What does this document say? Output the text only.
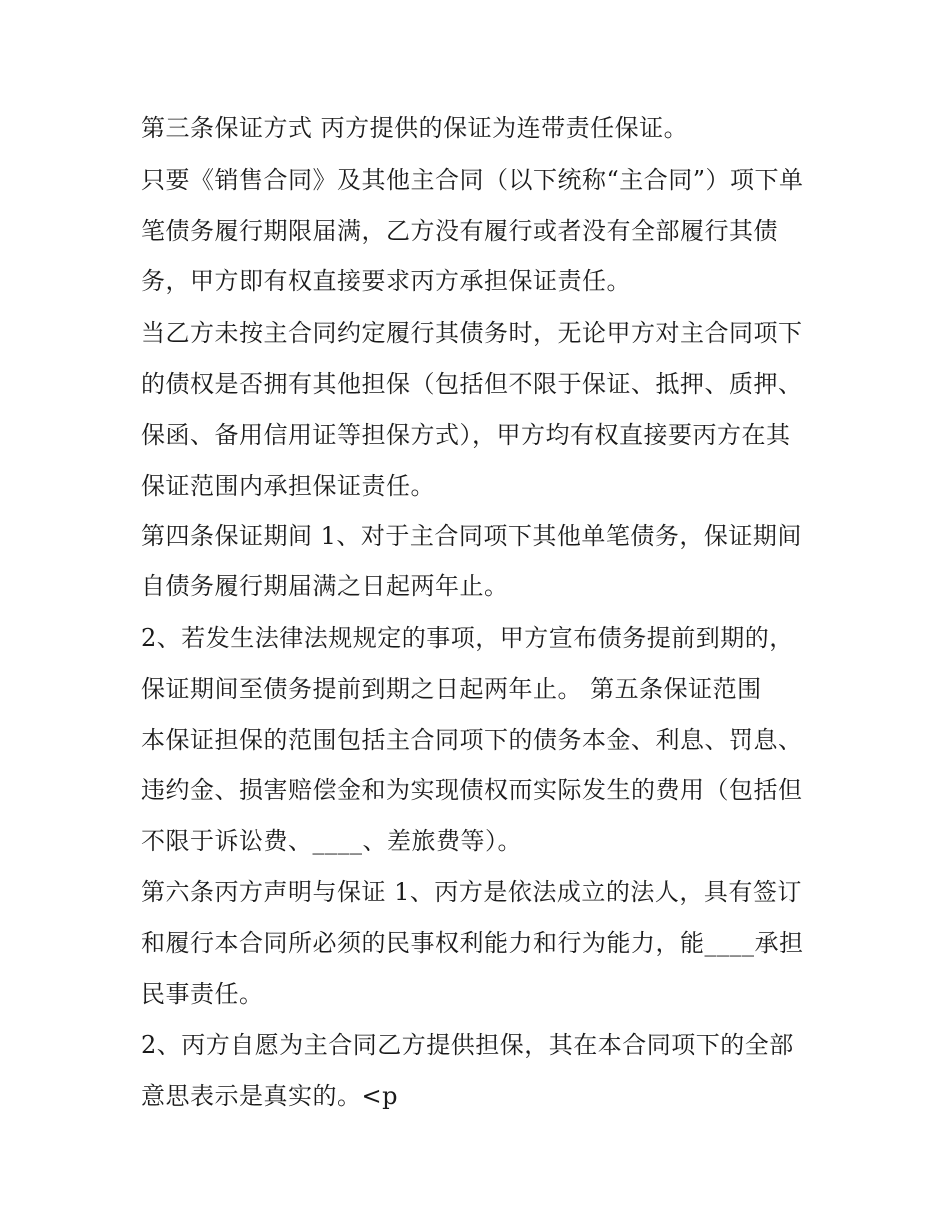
第三条保证方式 丙方提供的保证为连带责任保证。

只要《销售合同》及其他主合同（以下统称“主合同”）项下单

笔债务履行期限届满，乙方没有履行或者没有全部履行其债

务，甲方即有权直接要求丙方承担保证责任。

当乙方未按主合同约定履行其债务时，无论甲方对主合同项下

的债权是否拥有其他担保（包括但不限于保证、抵押、质押、

保函、备用信用证等担保方式），甲方均有权直接要丙方在其

保证范围内承担保证责任。

第四条保证期间 1、对于主合同项下其他单笔债务，保证期间

自债务履行期届满之日起两年止。

2、若发生法律法规规定的事项，甲方宣布债务提前到期的，

保证期间至债务提前到期之日起两年止。 第五条保证范围

本保证担保的范围包括主合同项下的债务本金、利息、罚息、

违约金、损害赔偿金和为实现债权而实际发生的费用（包括但

不限于诉讼费、____、差旅费等）。

第六条丙方声明与保证 1、丙方是依法成立的法人，具有签订

和履行本合同所必须的民事权利能力和行为能力，能____承担

民事责任。

2、丙方自愿为主合同乙方提供担保，其在本合同项下的全部

意思表示是真实的。<p
